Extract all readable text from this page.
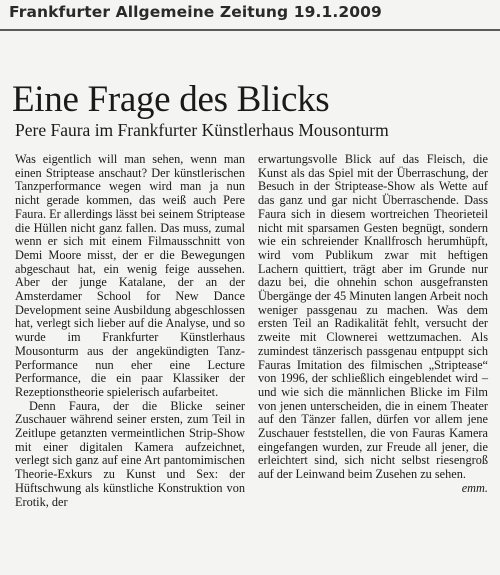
Frankfurter Allgemeine Zeitung 19.1.2009
Eine Frage des Blicks
Pere Faura im Frankfurter Künstlerhaus Mousonturm

Was eigentlich will man sehen, wenn man einen Striptease anschaut? Der künstlerischen Tanzperformance wegen wird man ja nun nicht gerade kommen, das weiß auch Pere Faura. Er allerdings lässt bei seinem Striptease die Hüllen nicht ganz fallen. Das muss, zumal wenn er sich mit einem Filmausschnitt von Demi Moore misst, der er die Bewegungen abgeschaut hat, ein wenig feige aussehen. Aber der junge Katalane, der an der Amsterdamer School for New Dance Development seine Ausbildung abgeschlossen hat, verlegt sich lieber auf die Analyse, und so wurde im Frankfurter Künstlerhaus Mousonturm aus der angekündigten Tanz-Performance nun eher eine Lecture Performance, die ein paar Klassiker der Rezeptionstheorie spielerisch aufarbeitet.

Denn Faura, der die Blicke seiner Zuschauer während seiner ersten, zum Teil in Zeitlupe getanzten vermeintlichen Strip-Show mit einer digitalen Kamera aufzeichnet, verlegt sich ganz auf eine Art pantomimischen Theorie-Exkurs zu Kunst und Sex: der Hüftschwung als künstliche Konstruktion von Erotik, der

erwartungsvolle Blick auf das Fleisch, die Kunst als das Spiel mit der Überraschung, der Besuch in der Striptease-Show als Wette auf das ganz und gar nicht Überraschende. Dass Faura sich in diesem wortreichen Theorieteil nicht mit sparsamen Gesten begnügt, sondern wie ein schreiender Knallfrosch herumhüpft, wird vom Publikum zwar mit heftigen Lachern quittiert, trägt aber im Grunde nur dazu bei, die ohnehin schon ausgefransten Übergänge der 45 Minuten langen Arbeit noch weniger passgenau zu machen. Was dem ersten Teil an Radikalität fehlt, versucht der zweite mit Clownerei wettzumachen. Als zumindest tänzerisch passgenau entpuppt sich Fauras Imitation des filmischen „Striptease“ von 1996, der schließlich eingeblendet wird – und wie sich die männlichen Blicke im Film von jenen unterscheiden, die in einem Theater auf den Tänzer fallen, dürfen vor allem jene Zuschauer feststellen, die von Fauras Kamera eingefangen wurden, zur Freude all jener, die erleichtert sind, sich nicht selbst riesengroß auf der Leinwand beim Zusehen zu sehen.
emm.
